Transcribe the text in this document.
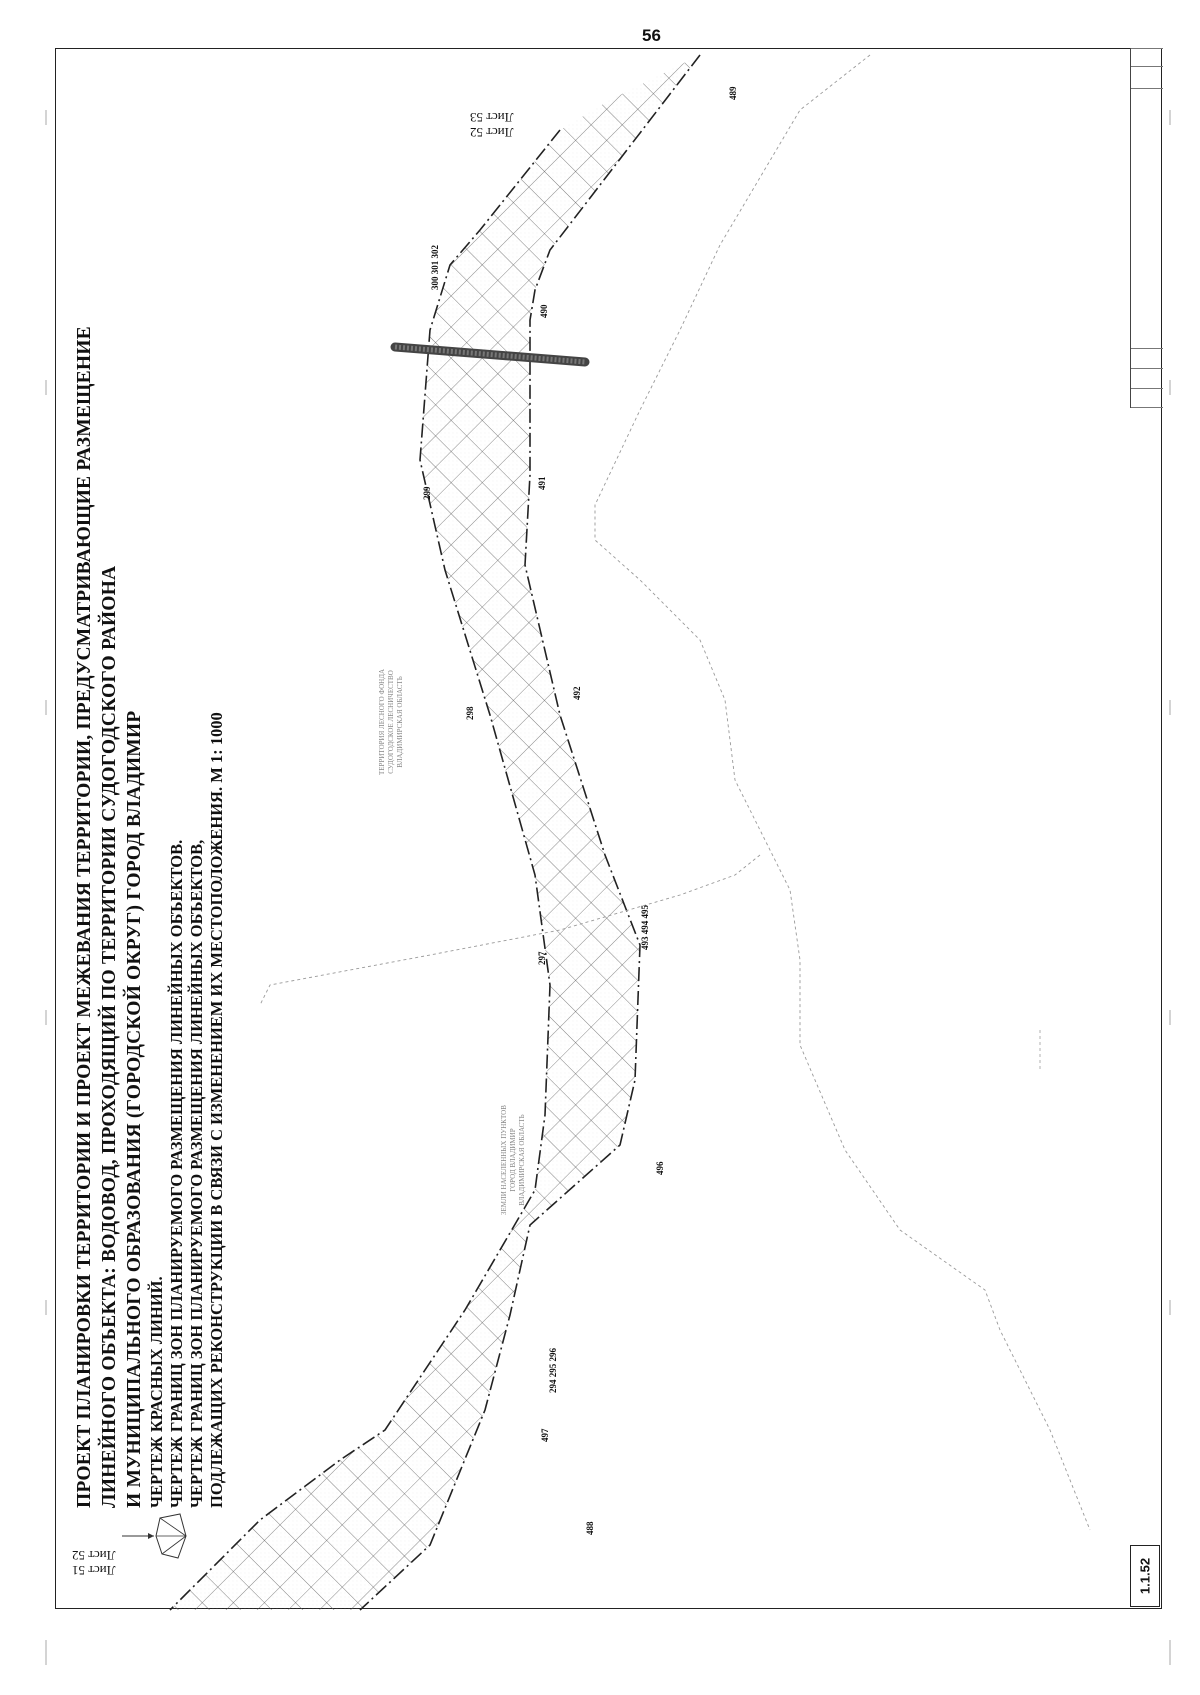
56
ПРОЕКТ ПЛАНИРОВКИ ТЕРРИТОРИИ И ПРОЕКТ МЕЖЕВАНИЯ ТЕРРИТОРИИ, ПРЕДУСМАТРИВАЮЩИЕ РАЗМЕЩЕНИЕ ЛИНЕЙНОГО ОБЪЕКТА: ВОДОВОД, ПРОХОДЯЩИЙ ПО ТЕРРИТОРИИ СУДОГОДСКОГО РАЙОНА И МУНИЦИПАЛЬНОГО ОБРАЗОВАНИЯ (ГОРОДСКОЙ ОКРУГ) ГОРОД ВЛАДИМИР ЧЕРТЕЖ КРАСНЫХ ЛИНИЙ. ЧЕРТЕЖ ГРАНИЦ ЗОН ПЛАНИРУЕМОГО РАЗМЕЩЕНИЯ ЛИНЕЙНЫХ ОБЪЕКТОВ. ЧЕРТЕЖ ГРАНИЦ ЗОН ПЛАНИРУЕМОГО РАЗМЕЩЕНИЯ ЛИНЕЙНЫХ ОБЪЕКТОВ, ПОДЛЕЖАЩИХ РЕКОНСТРУКЦИИ В СВЯЗИ С ИЗМЕНЕНИЕМ ИХ МЕСТОПОЛОЖЕНИЯ. М 1: 1000
Лист 52
Лист 53
Лист 51
Лист 52
300 301 302
299
298
297
294 295 296
490
489
491
492
493 494 495
496
497
488
ТЕРРИТОРИЯ ЛЕСНОГО ФОНДА СУДОГОДСКОЕ ЛЕСНИЧЕСТВО ВЛАДИМИРСКАЯ ОБЛАСТЬ
ЗЕМЛИ НАСЕЛЕННЫХ ПУНКТОВ ГОРОД ВЛАДИМИР ВЛАДИМИРСКАЯ ОБЛАСТЬ
1.1.52
